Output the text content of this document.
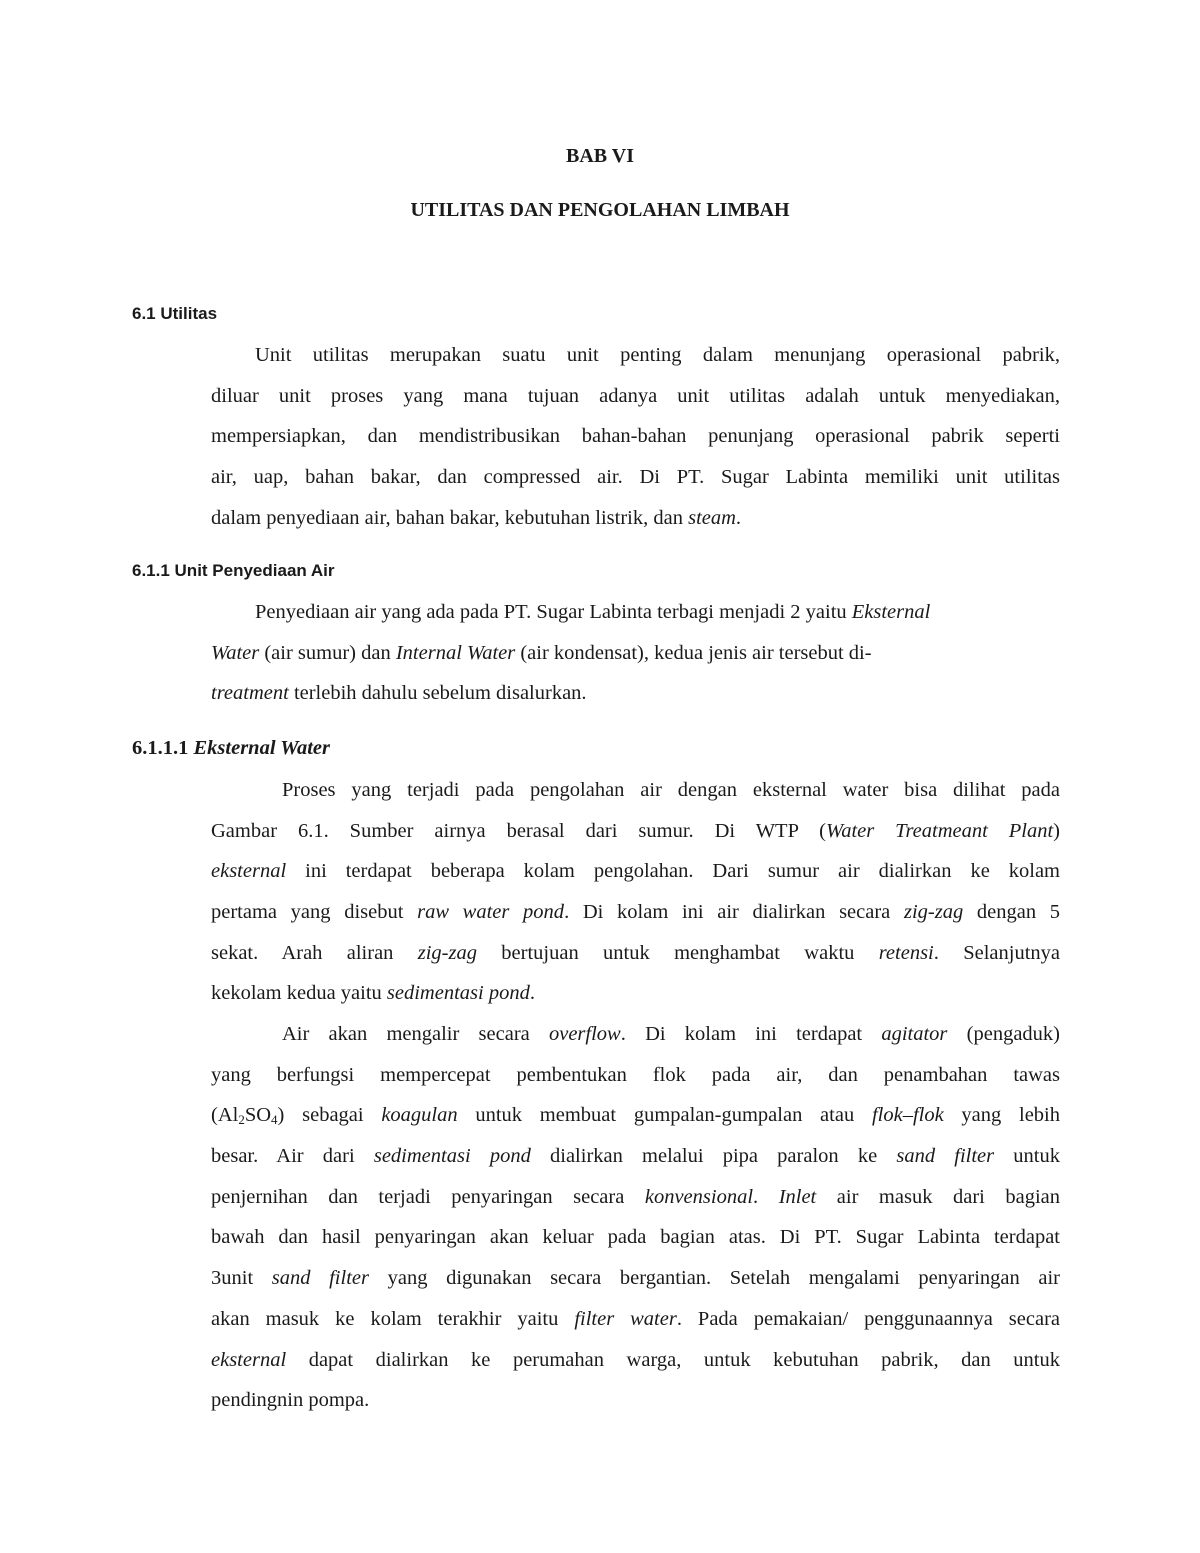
BAB VI
UTILITAS DAN PENGOLAHAN LIMBAH
6.1 Utilitas
Unit utilitas merupakan suatu unit penting dalam menunjang operasional pabrik,
diluar unit proses yang mana tujuan adanya unit utilitas adalah untuk menyediakan,
mempersiapkan, dan mendistribusikan bahan-bahan penunjang operasional pabrik seperti
air, uap, bahan bakar, dan compressed air. Di PT. Sugar Labinta memiliki unit utilitas
dalam penyediaan air, bahan bakar, kebutuhan listrik, dan steam.
6.1.1 Unit Penyediaan Air
Penyediaan air yang ada pada PT. Sugar Labinta terbagi menjadi 2 yaitu Eksternal
Water (air sumur) dan Internal Water (air kondensat), kedua jenis air tersebut di-
treatment terlebih dahulu sebelum disalurkan.
6.1.1.1 Eksternal Water
Proses yang terjadi pada pengolahan air dengan eksternal water bisa dilihat pada
Gambar 6.1. Sumber airnya berasal dari sumur. Di WTP (Water Treatmeant Plant)
eksternal ini terdapat beberapa kolam pengolahan. Dari sumur air dialirkan ke kolam
pertama yang disebut raw water pond. Di kolam ini air dialirkan secara zig-zag dengan 5
sekat. Arah aliran zig-zag bertujuan untuk menghambat waktu retensi. Selanjutnya
kekolam kedua yaitu sedimentasi pond.
Air akan mengalir secara overflow. Di kolam ini terdapat agitator (pengaduk)
yang berfungsi mempercepat pembentukan flok pada air, dan penambahan tawas
$(Al_2SO_4)$ sebagai koagulan untuk membuat gumpalan-gumpalan atau flok–flok yang lebih
besar. Air dari sedimentasi pond dialirkan melalui pipa paralon ke sand filter untuk
penjernihan dan terjadi penyaringan secara konvensional. Inlet air masuk dari bagian
bawah dan hasil penyaringan akan keluar pada bagian atas. Di PT. Sugar Labinta terdapat
3unit sand filter yang digunakan secara bergantian. Setelah mengalami penyaringan air
akan masuk ke kolam terakhir yaitu filter water. Pada pemakaian/ penggunaannya secara
eksternal dapat dialirkan ke perumahan warga, untuk kebutuhan pabrik, dan untuk
pendingnin pompa.
